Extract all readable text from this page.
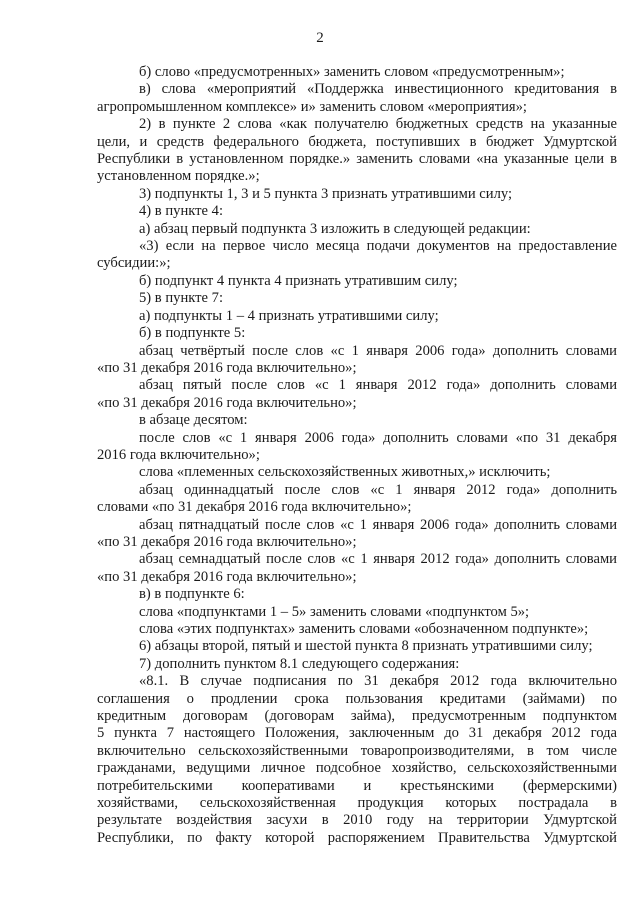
2
б) слово «предусмотренных» заменить словом «предусмотренным»;
в) слова «мероприятий «Поддержка инвестиционного кредитования в
агропромышленном комплексе» и» заменить словом «мероприятия»;
2) в пункте 2 слова «как получателю бюджетных средств на указанные
цели, и средств федерального бюджета, поступивших в бюджет Удмуртской
Республики в установленном порядке.» заменить словами «на указанные цели в
установленном порядке.»;
3) подпункты 1, 3 и 5 пункта 3 признать утратившими силу;
4) в пункте 4:
а) абзац первый подпункта 3 изложить в следующей редакции:
«3) если на первое число месяца подачи документов на предоставление
субсидии:»;
б) подпункт 4 пункта 4 признать утратившим силу;
5) в пункте 7:
а) подпункты 1 – 4 признать утратившими силу;
б) в подпункте 5:
абзац четвёртый после слов «с 1 января 2006 года» дополнить словами
«по 31 декабря 2016 года включительно»;
абзац пятый после слов «с 1 января 2012 года» дополнить словами
«по 31 декабря 2016 года включительно»;
в абзаце десятом:
после слов «с 1 января 2006 года» дополнить словами «по 31 декабря
2016 года включительно»;
слова «племенных сельскохозяйственных животных,» исключить;
абзац одиннадцатый после слов «с 1 января 2012 года» дополнить
словами «по 31 декабря 2016 года включительно»;
абзац пятнадцатый после слов «с 1 января 2006 года» дополнить словами
«по 31 декабря 2016 года включительно»;
абзац семнадцатый после слов «с 1 января 2012 года» дополнить словами
«по 31 декабря 2016 года включительно»;
в) в подпункте 6:
слова «подпунктами 1 – 5» заменить словами «подпунктом 5»;
слова «этих подпунктах» заменить словами «обозначенном подпункте»;
6) абзацы второй, пятый и шестой пункта 8 признать утратившими силу;
7) дополнить пунктом 8.1 следующего содержания:
«8.1. В случае подписания по 31 декабря 2012 года включительно
соглашения о продлении срока пользования кредитами (займами) по
кредитным договорам (договорам займа), предусмотренным подпунктом
5 пункта 7 настоящего Положения, заключенным до 31 декабря 2012 года
включительно сельскохозяйственными товаропроизводителями, в том числе
гражданами, ведущими личное подсобное хозяйство, сельскохозяйственными
потребительскими кооперативами и крестьянскими (фермерскими)
хозяйствами, сельскохозяйственная продукция которых пострадала в
результате воздействия засухи в 2010 году на территории Удмуртской
Республики, по факту которой распоряжением Правительства Удмуртской
